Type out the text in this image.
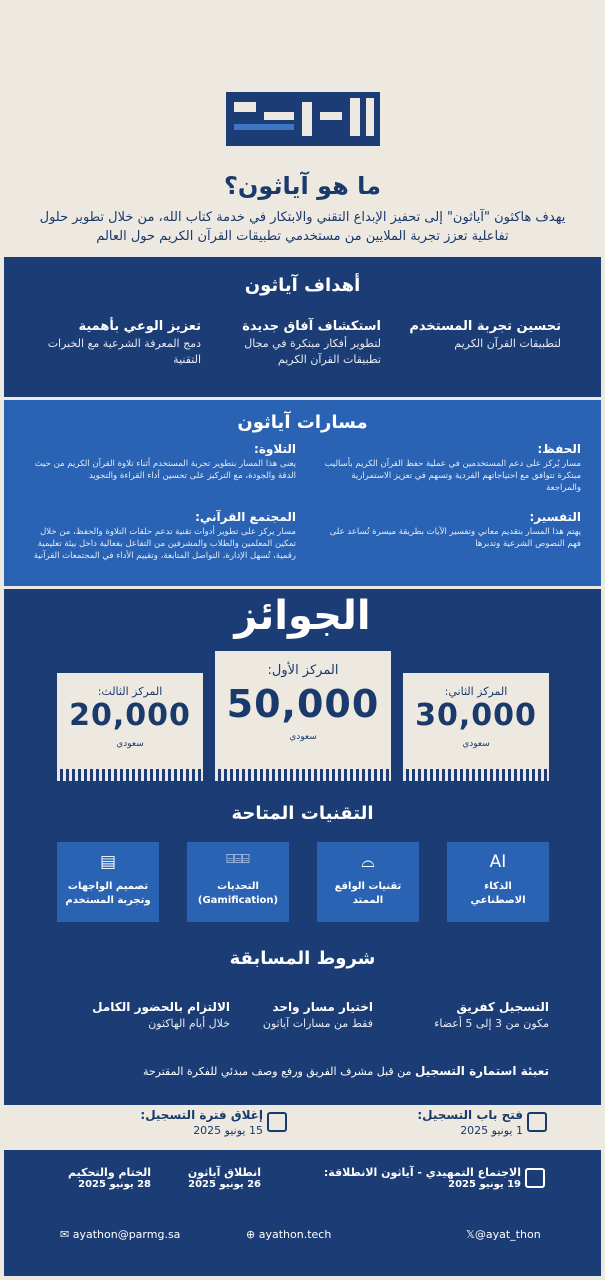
ما هو آياثون؟
يهدف هاكثون "آياثون" إلى تحفيز الإبداع التقني والابتكار في خدمة كتاب الله، من خلال تطوير حلول تفاعلية تعزز تجربة الملايين من مستخدمي تطبيقات القرآن الكريم حول العالم
أهداف آياثون
تحسين تجربة المستخدم

لتطبيقات القرآن الكريم

استكشاف آفاق جديدة

لتطوير أفكار مبتكرة في مجال تطبيقات القرآن الكريم

تعزيز الوعي بأهمية

دمج المعرفة الشرعية مع الخبرات التقنية

مسارات آياثون
الحفظ:

مسار يُركز على دعم المستخدمين في عملية حفظ القرآن الكريم بأساليب مبتكرة تتوافق مع احتياجاتهم الفردية وتسهم في تعزيز الاستمرارية والمراجعة

التلاوة:

يعنى هذا المسار بتطوير تجربة المستخدم أثناء تلاوة القرآن الكريم من حيث الدقة والجودة، مع التركيز على تحسين أداء القراءة والتجويد

التفسير:

يهتم هذا المسار بتقديم معاني وتفسير الآيات بطريقة ميسرة تُساعد على فهم النصوص الشرعية وتدبرها

المجتمع القرآني:

مسار يركز على تطوير أدوات تقنية تدعم حلقات التلاوة والحفظ، من خلال تمكين المعلمين والطلاب والمشرفين من التفاعل بفعالية داخل بيئة تعليمية رقمية، تُسهل الإدارة، التواصل المتابعة، وتقييم الأداء في المجتمعات القرآنية

الجوائز
المركز الثاني:
30,000
سعودي
المركز الأول:
50,000
سعودي
المركز الثالث:
20,000
سعودي
التقنيات المتاحة
AI
الذكاء
الاصطناعي
⌓
تقنيات الواقع
الممتد
⌸⌸⌸
التحديات
(Gamification)
▤
تصميم الواجهات
وتجربة المستخدم
شروط المسابقة
التسجيل كفريق

مكون من 3 إلى 5 أعضاء

اختيار مسار واحد

فقط من مسارات آياثون

الالتزام بالحضور الكامل

خلال أيام الهاكثون

تعبئة استمارة التسجيل من قبل مشرف الفريق ورفع وصف مبدئي للفكرة المقترحة
فتح باب التسجيل:

1 يونيو 2025

إغلاق فترة التسجيل:

15 يونيو 2025

الاجتماع التمهيدي - آياثون الانطلاقة:
19 يونيو 2025
انطلاق آياثون
26 يونيو 2025
الختام والتحكيم
28 يونيو 2025
✉ ayathon@parmg.sa	⊕ ayathon.tech	𝕏@ayat_thon
